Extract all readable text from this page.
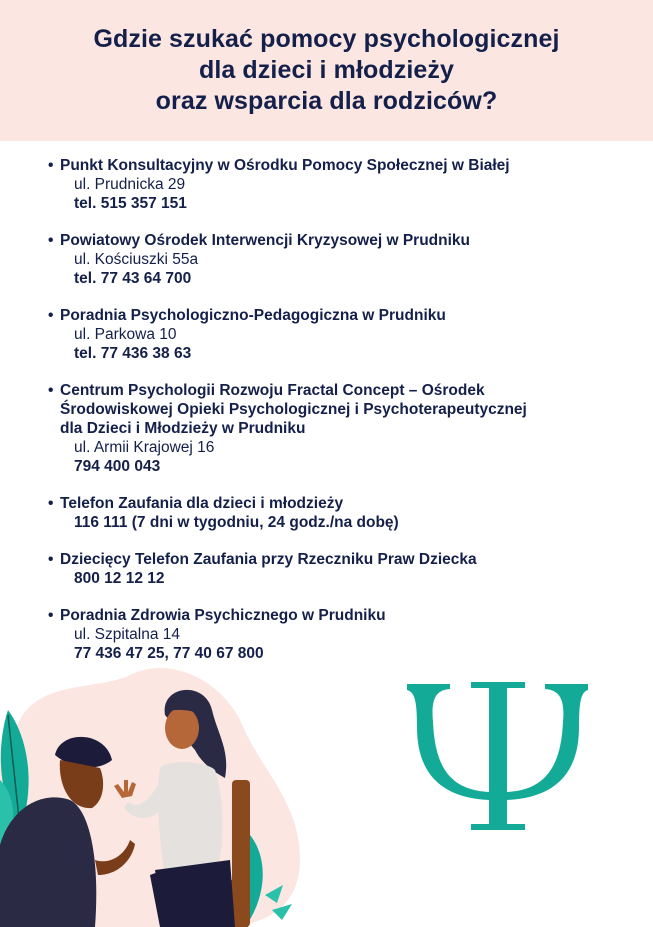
Gdzie szukać pomocy psychologicznej
dla dzieci i młodzieży
oraz wsparcia dla rodziców?
• Punkt Konsultacyjny w Ośrodku Pomocy Społecznej w Białej
ul. Prudnicka 29
tel. 515 357 151
• Powiatowy Ośrodek Interwencji Kryzysowej w Prudniku
ul. Kościuszki 55a
tel. 77 43 64 700
• Poradnia Psychologiczno-Pedagogiczna w Prudniku
ul. Parkowa 10
tel. 77 436 38 63
• Centrum Psychologii Rozwoju Fractal Concept – Ośrodek
Środowiskowej Opieki Psychologicznej i Psychoterapeutycznej
dla Dzieci i Młodzieży w Prudniku
ul. Armii Krajowej 16
794 400 043
• Telefon Zaufania dla dzieci i młodzieży
116 111 (7 dni w tygodniu, 24 godz./na dobę)
• Dziecięcy Telefon Zaufania przy Rzeczniku Praw Dziecka
800 12 12 12
• Poradnia Zdrowia Psychicznego w Prudniku
ul. Szpitalna 14
77 436 47 25, 77 40 67 800
